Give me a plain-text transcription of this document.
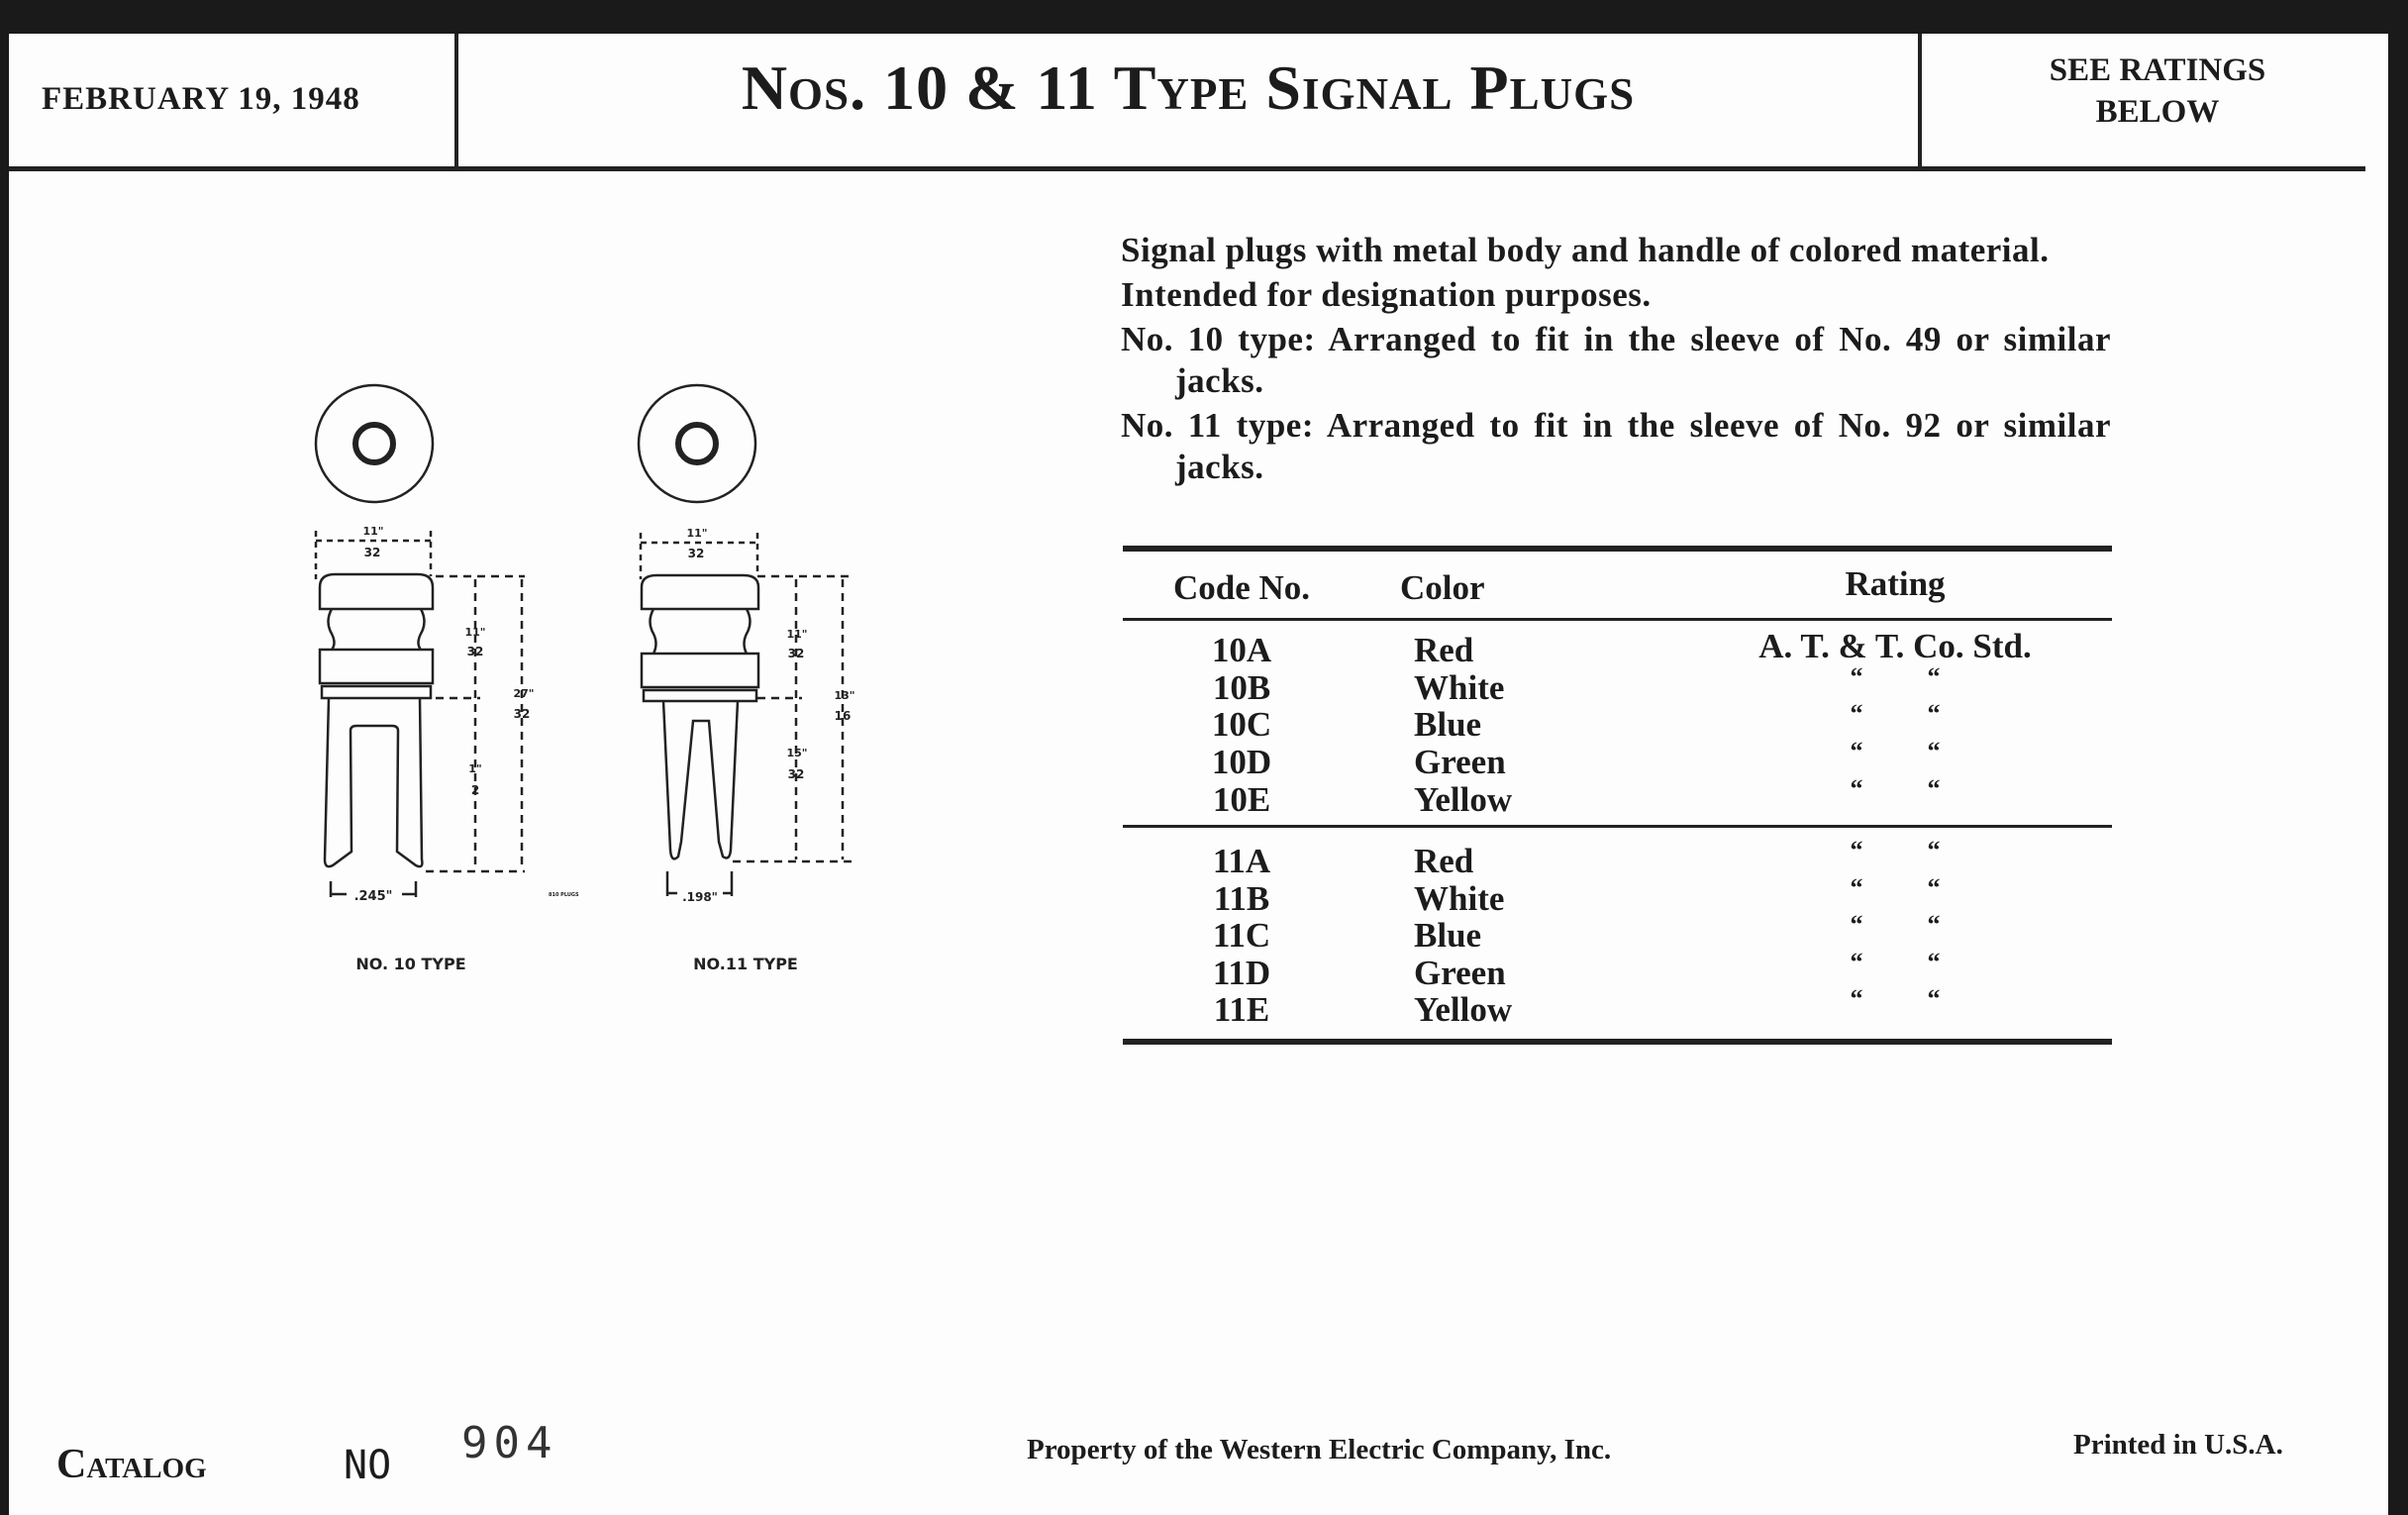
FEBRUARY 19, 1948	Nos. 10 & 11 Type Signal Plugs	SEE RATINGS
BELOW
11"
32
11"
32
1"
2
27"
32
.245"
NO. 10 TYPE
810 PLUGS
11"
32
11"
32
15"
32
13"
16
.198"
NO.11 TYPE

Signal plugs with metal body and handle of colored material.

Intended for designation purposes.

No. 10 type: Arranged to fit in the sleeve of No. 49 or similar jacks.

No. 11 type: Arranged to fit in the sleeve of No. 92 or similar jacks.

Code No.	Color	Rating
10A	Red	A. T. & T. Co. Std.
10B	White	“          “
10C	Blue	“          “
10D	Green	“          “
10E	Yellow	“          “
11A	Red	“          “
11B	White	“          “
11C	Blue	“          “
11D	Green	“          “
11E	Yellow	“          “
Catalog	NO 904	Property of the Western Electric Company, Inc.	Printed in U.S.A.
